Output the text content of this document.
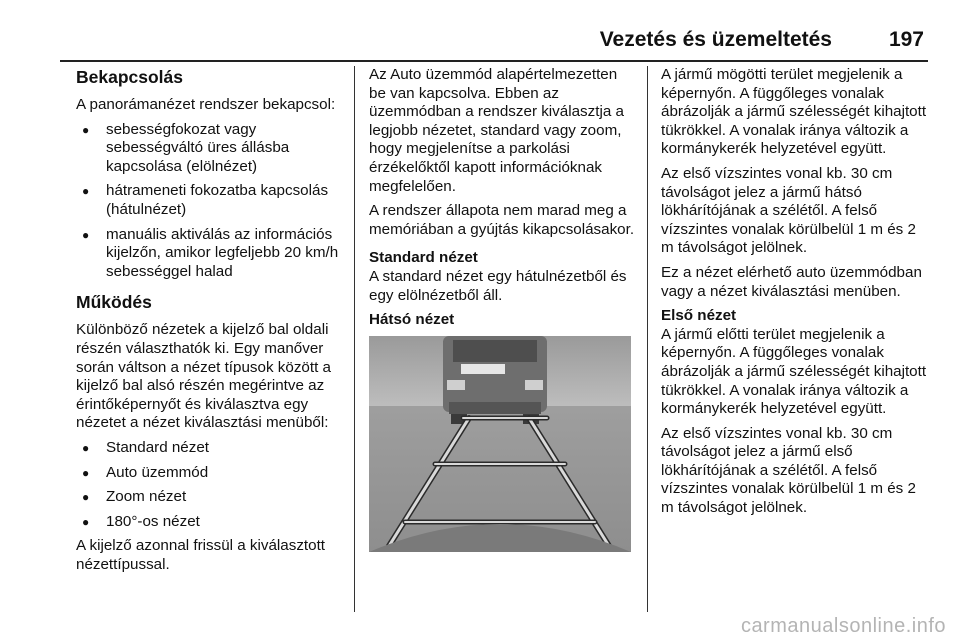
Vezetés és üzemeltetés	197
Bekapcsolás

A panorámanézet rendszer bekapcsol:

● sebességfokozat vagy sebességváltó üres állásba kapcsolása (elölnézet)
● hátrameneti fokozatba kapcsolás (hátulnézet)
● manuális aktiválás az információs kijelzőn, amikor legfeljebb 20 km/h sebességgel halad
Működés

Különböző nézetek a kijelző bal oldali részén választhatók ki. Egy manőver során váltson a nézet típusok között a kijelző bal alsó részén megérintve az érintőképernyőt és kiválasztva egy nézetet a nézet kiválasztási menüből:

● Standard nézet
● Auto üzemmód
● Zoom nézet
● 180°-os nézet

A kijelző azonnal frissül a kiválasztott nézettípussal.

Az Auto üzemmód alapértelmezetten be van kapcsolva. Ebben az üzemmódban a rendszer kiválasztja a legjobb nézetet, standard vagy zoom, hogy megjelenítse a parkolási érzékelőktől kapott információknak megfelelően.

A rendszer állapota nem marad meg a memóriában a gyújtás kikapcsolásakor.

Standard nézet

A standard nézet egy hátulnézetből és egy elölnézetből áll.

Hátsó nézet

A jármű mögötti terület megjelenik a képernyőn. A függőleges vonalak ábrázolják a jármű szélességét kihajtott tükrökkel. A vonalak iránya változik a kormánykerék helyzetével együtt.

Az első vízszintes vonal kb. 30 cm távolságot jelez a jármű hátsó lökhárítójának a szélétől. A felső vízszintes vonalak körülbelül 1 m és 2 m távolságot jelölnek.

Ez a nézet elérhető auto üzemmódban vagy a nézet kiválasztási menüben.

Első nézet

A jármű előtti terület megjelenik a képernyőn. A függőleges vonalak ábrázolják a jármű szélességét kihajtott tükrökkel. A vonalak iránya változik a kormánykerék helyzetével együtt.

Az első vízszintes vonal kb. 30 cm távolságot jelez a jármű első lökhárítójának a szélétől. A felső vízszintes vonalak körülbelül 1 m és 2 m távolságot jelölnek.

carmanualsonline.info
